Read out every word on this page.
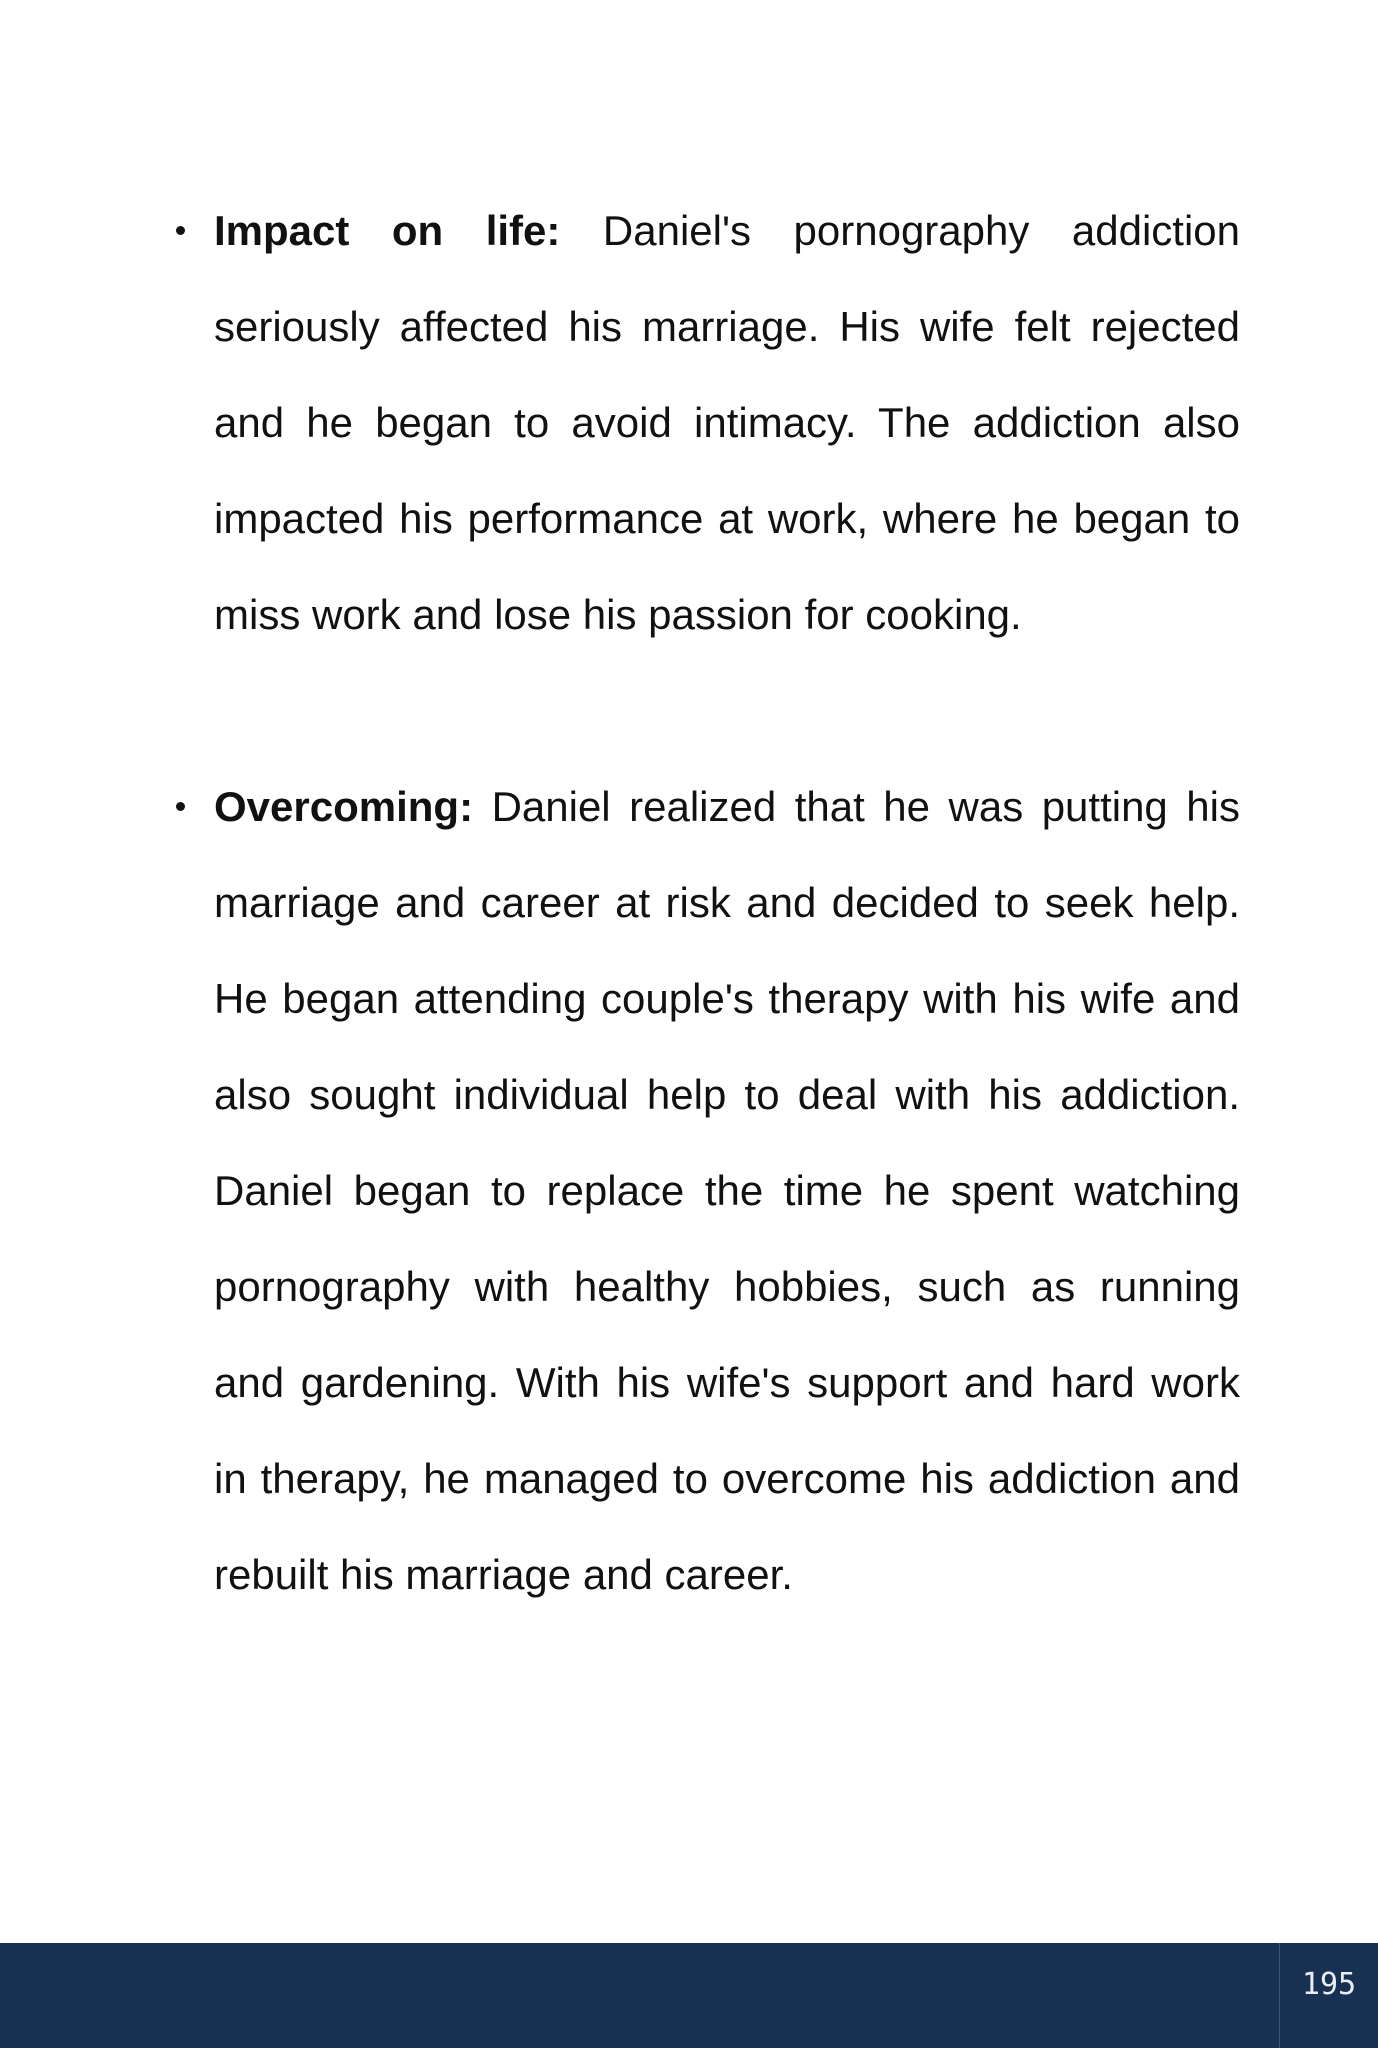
Impact on life: Daniel's pornography addiction seriously affected his marriage. His wife felt rejected and he began to avoid intimacy. The addiction also impacted his performance at work, where he began to miss work and lose his passion for cooking.
Overcoming: Daniel realized that he was putting his marriage and career at risk and decided to seek help. He began attending couple's therapy with his wife and also sought individual help to deal with his addiction. Daniel began to replace the time he spent watching pornography with healthy hobbies, such as running and gardening. With his wife's support and hard work in therapy, he managed to overcome his addiction and rebuilt his marriage and career.
195
